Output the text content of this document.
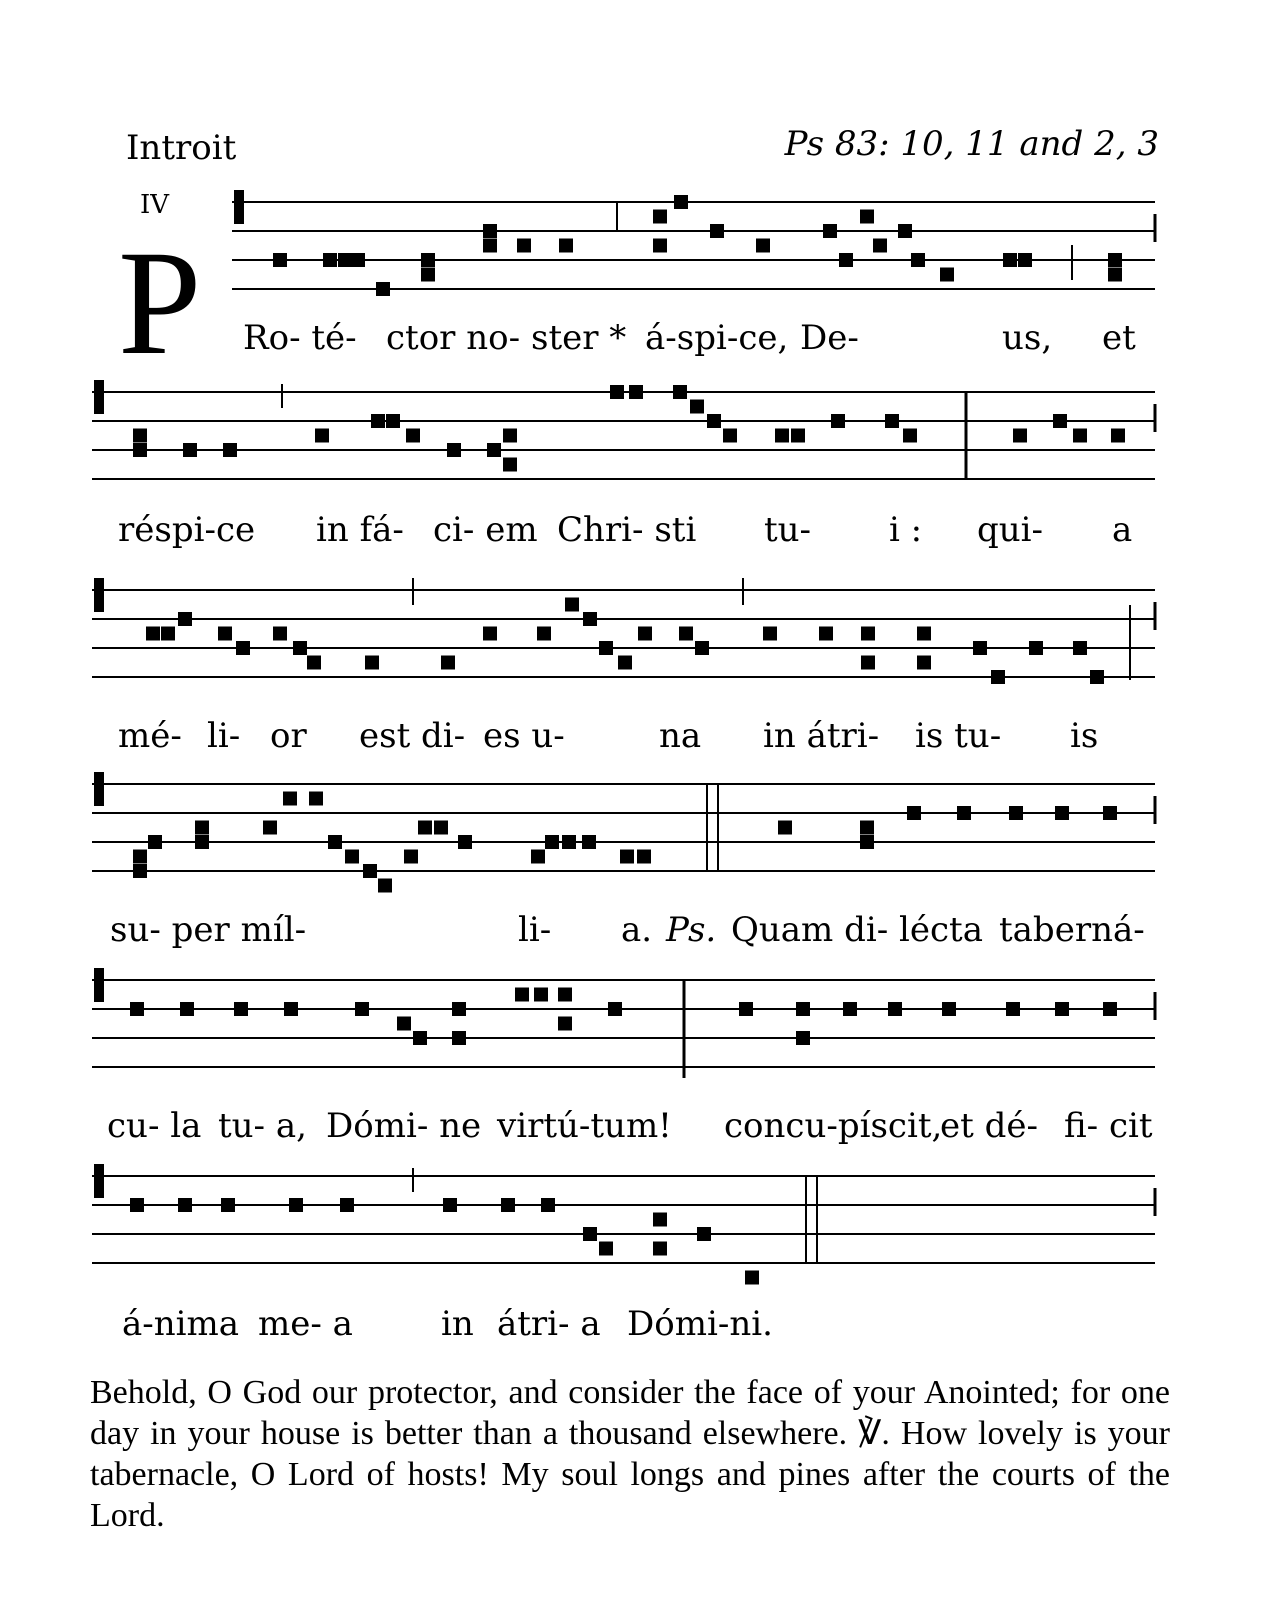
Introit	Ps 83: 10, 11 and 2, 3
IV
P Ro- té- ctor no- ster * á-spi-ce, De-	us, et
réspi-ce in fá- ci- em Chri- sti tu- i : qui- a
mé- li- or est di- es u-	na in átri- is tu- is
su- per míl-	li- a. Ps. Quam di- lécta taberná-
cu- la tu- a, Dómi- ne virtú-tum! concu-píscit,
et dé- fi- cit
á-nima me- a	in átri- a Dómi-ni.
Behold, O God our protector, and consider the face of your Anointed; for one day in your house is better than a thousand elsewhere. ℣. How lovely is your tabernacle, O Lord of hosts! My soul longs and pines after the courts of the Lord.
